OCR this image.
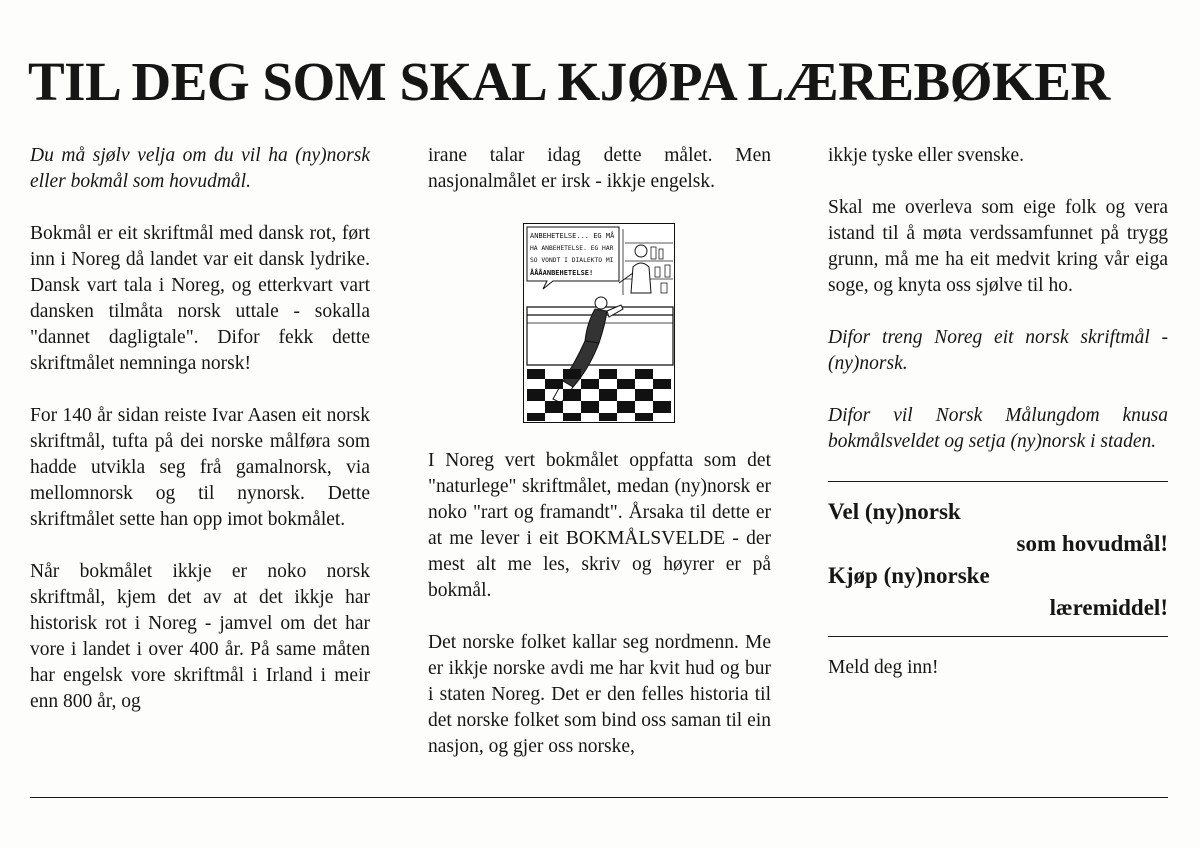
TIL DEG SOM SKAL KJØPA LÆREBØKER

Du må sjølv velja om du vil ha (ny)norsk eller bokmål som hovudmål.

Bokmål er eit skriftmål med dansk rot, ført inn i Noreg då landet var eit dansk lydrike. Dansk vart tala i Noreg, og etterkvart vart dansken tilmåta norsk uttale - sokalla "dannet dagligtale". Difor fekk dette skriftmålet nemninga norsk!

For 140 år sidan reiste Ivar Aasen eit norsk skriftmål, tufta på dei norske målføra som hadde utvikla seg frå gamalnorsk, via mellomnorsk og til nynorsk. Dette skriftmålet sette han opp imot bokmålet.

Når bokmålet ikkje er noko norsk skriftmål, kjem det av at det ikkje har historisk rot i Noreg - jamvel om det har vore i landet i over 400 år. På same måten har engelsk vore skriftmål i Irland i meir enn 800 år, og

irane talar idag dette målet. Men nasjonalmålet er irsk - ikkje engelsk.

ANBEHETELSE... EG MÅ
HA ANBEHETELSE. EG HAR
SO VONDT I DIALEKTO MI
ÅÅÅANBEHETELSE!

I Noreg vert bokmålet oppfatta som det "naturlege" skriftmålet, medan (ny)norsk er noko "rart og framandt". Årsaka til dette er at me lever i eit BOKMÅLSVELDE - der mest alt me les, skriv og høyrer er på bokmål.

Det norske folket kallar seg nordmenn. Me er ikkje norske avdi me har kvit hud og bur i staten Noreg. Det er den felles historia til det norske folket som bind oss saman til ein nasjon, og gjer oss norske,

ikkje tyske eller svenske.

Skal me overleva som eige folk og vera istand til å møta verdssamfunnet på trygg grunn, må me ha eit medvit kring vår eiga soge, og knyta oss sjølve til ho.

Difor treng Noreg eit norsk skriftmål - (ny)norsk.

Difor vil Norsk Målungdom knusa bokmålsveldet og setja (ny)norsk i staden.

Vel (ny)norsk
som hovudmål!
Kjøp (ny)norske
læremiddel!
Meld deg inn!
